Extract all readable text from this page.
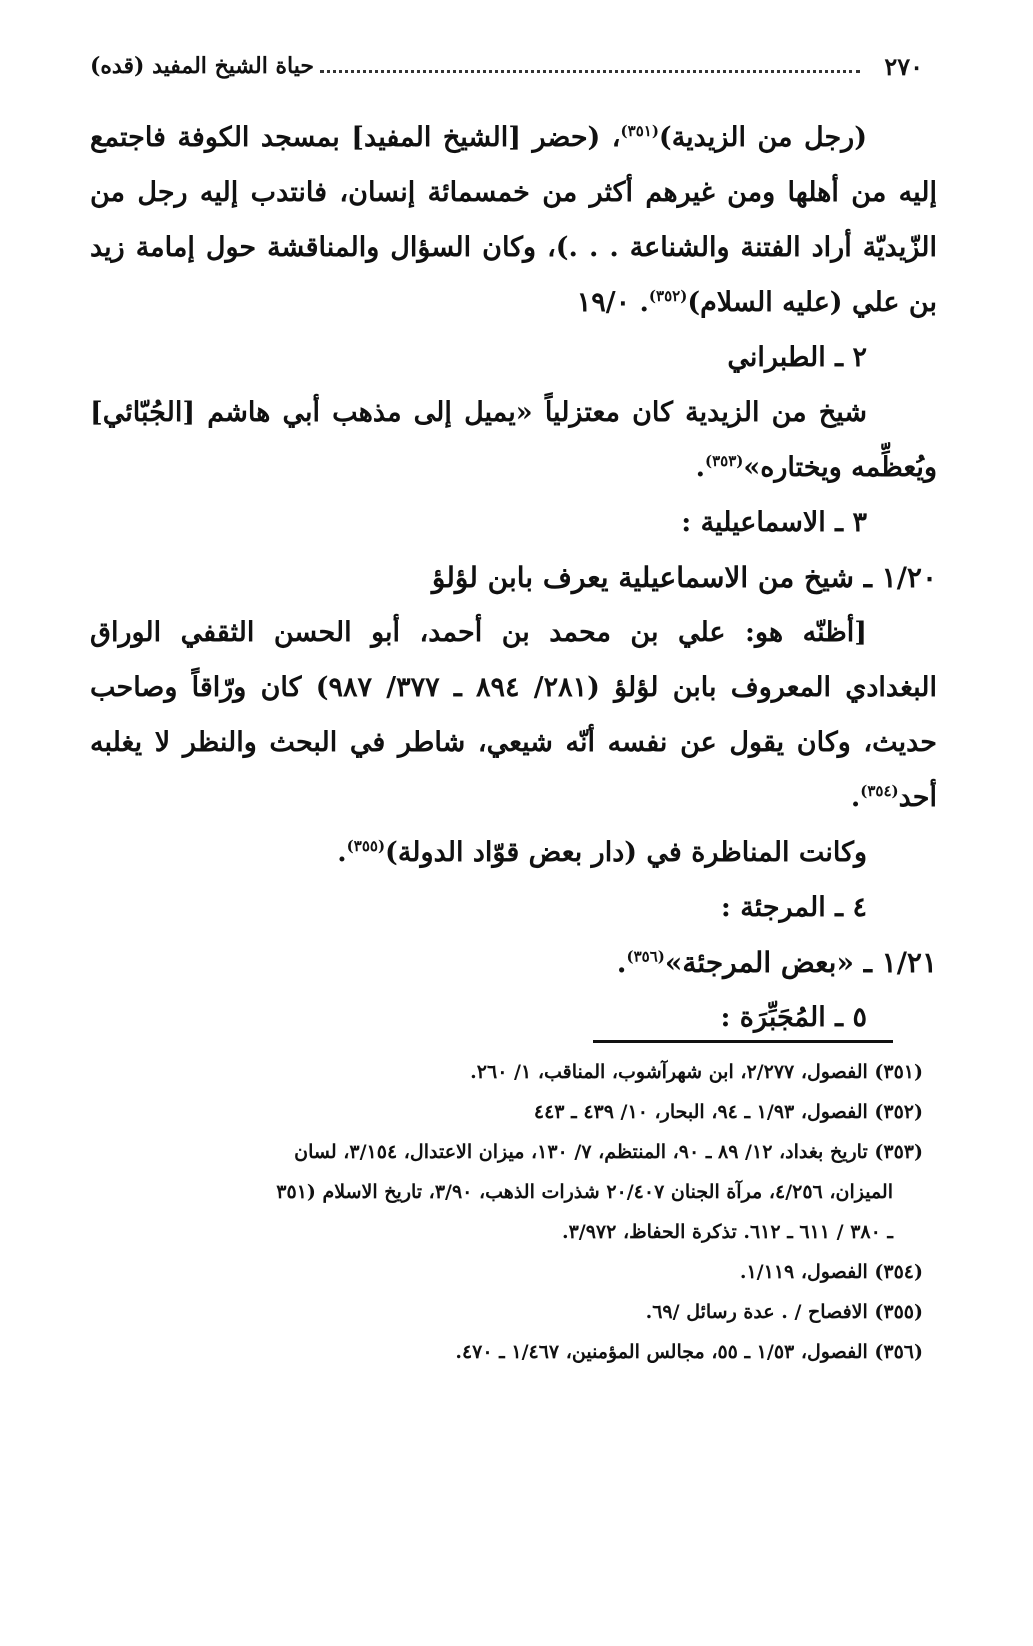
٢٧٠
حياة الشيخ المفيد (قده)

(رجل من الزيدية)$^{(٣٥١)}$، (حضر [الشيخ المفيد] بمسجد الكوفة فاجتمع إليه من أهلها ومن غيرهم أكثر من خمسمائة إنسان، فانتدب إليه رجل من الزّيديّة أراد الفتنة والشناعة . . .)، وكان السؤال والمناقشة حول إمامة زيد بن علي (عليه السلام)$^{(٣٥٢)}$. ١٩/٠

٢ ـ الطبراني

شيخ من الزيدية كان معتزلياً «يميل إلى مذهب أبي هاشم [الجُبّائي] ويُعظِّمه ويختاره»$^{(٣٥٣)}$.

٣ ـ الاسماعيلية :

١/٢٠ ـ شيخ من الاسماعيلية يعرف بابن لؤلؤ

[أظنّه هو: علي بن محمد بن أحمد، أبو الحسن الثقفي الوراق البغدادي المعروف بابن لؤلؤ (٢٨١/ ٨٩٤ ـ ٣٧٧/ ٩٨٧) كان ورّاقاً وصاحب حديث، وكان يقول عن نفسه أنّه شيعي، شاطر في البحث والنظر لا يغلبه أحد$^{(٣٥٤)}$.

وكانت المناظرة في (دار بعض قوّاد الدولة)$^{(٣٥٥)}$.

٤ ـ المرجئة :

١/٢١ ـ «بعض المرجئة»$^{(٣٥٦)}$.

٥ ـ المُجَبِّرَة :

(٣٥١) الفصول، ٢/٢٧٧، ابن شهرآشوب، المناقب، ١/ ٢٦٠.

(٣٥٢) الفصول، ١/٩٣ ـ ٩٤، البحار، ١٠/ ٤٣٩ ـ ٤٤٣

(٣٥٣) تاريخ بغداد، ١٢/ ٨٩ ـ ٩٠، المنتظم، ٧/ ١٣٠، ميزان الاعتدال، ٣/١٥٤، لسان

الميزان، ٤/٢٥٦، مرآة الجنان ٢٠/٤٠٧ شذرات الذهب، ٣/٩٠، تاريخ الاسلام (٣٥١

ـ ٣٨٠ / ٦١١ ـ ٦١٢. تذكرة الحفاظ، ٣/٩٧٢.

(٣٥٤) الفصول، ١/١١٩.

(٣٥٥) الافصاح / . عدة رسائل /٦٩.

(٣٥٦) الفصول، ١/٥٣ ـ ٥٥، مجالس المؤمنين، ١/٤٦٧ ـ ٤٧٠.
